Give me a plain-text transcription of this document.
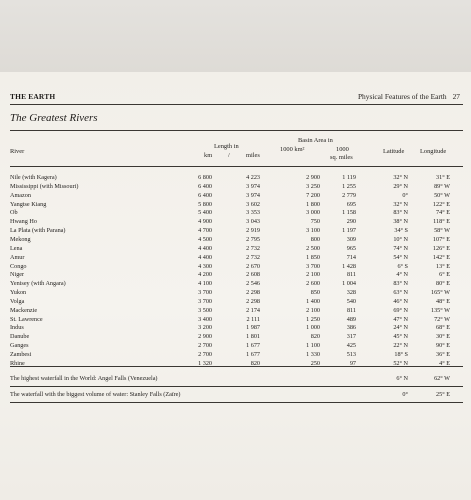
THE EARTH	Physical Features of the Earth 27
The Greatest Rivers
River
Length in
km /	miles
Basin Area in
1000 km²	1000
sq. miles
Latitude Longitude
Nile (with Kagera)	6 800	4 223	2 900	1 119	32° N	31° E
Mississippi (with Missouri)	6 400	3 974	3 250	1 255	29° N	89° W
Amazon	6 400	3 974	7 200	2 779	0°	50° W
Yangtse Kiang	5 800	3 602	1 800	695	32° N	122° E
Ob	5 400	3 353	3 000	1 158	83° N	74° E
Hwang Ho	4 900	3 043	750	290	38° N	118° E
La Plata (with Parana)	4 700	2 919	3 100	1 197	34° S	58° W
Mekong	4 500	2 795	800	309	10° N	107° E
Lena	4 400	2 732	2 500	965	74° N	126° E
Amur	4 400	2 732	1 850	714	54° N	142° E
Congo	4 300	2 670	3 700	1 428	6° S	13° E
Niger	4 200	2 608	2 100	811	4° N	6° E
Yenisey (with Angara)	4 100	2 546	2 600	1 004	83° N	80° E
Yukon	3 700	2 298	850	328	63° N	165° W
Volga	3 700	2 298	1 400	540	46° N	48° E
Mackenzie	3 500	2 174	2 100	811	69° N	135° W
St. Lawrence	3 400	2 111	1 250	489	47° N	72° W
Indus	3 200	1 987	1 000	386	24° N	68° E
Danube	2 900	1 801	820	317	45° N	30° E
Ganges	2 700	1 677	1 100	425	22° N	90° E
Zambesi	2 700	1 677	1 330	513	18° S	36° E
Rhine	1 320	820	250	97	52° N	4° E
The highest waterfall in the World: Angel Falls (Venezuela)	6° N	62° W
The waterfall with the biggest volume of water: Stanley Falls (Zaïre)	0°	25° E
